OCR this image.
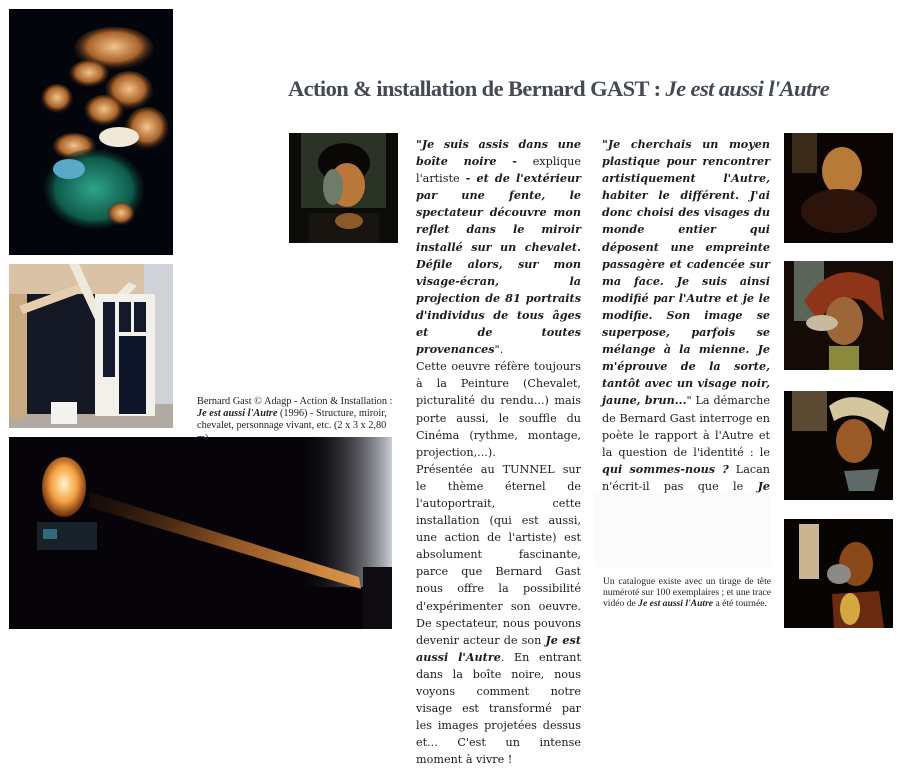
Action & installation de Bernard GAST : Je est aussi l'Autre
Bernard Gast © Adagp - Action & Installation : Je est aussi l'Autre (1996) - Structure, miroir, chevalet, personnage vivant, etc. (2 x 3 x 2,80

"Je suis assis dans une boîte noire - explique l'artiste - et de l'extérieur par une fente, le spectateur découvre mon reflet dans le miroir installé sur un chevalet. Défile alors, sur mon visage-écran, la projection de 81 portraits d'individus de tous âges et de toutes provenances".

Cette oeuvre réfère toujours à la Peinture (Chevalet, picturalité du rendu...) mais porte aussi, le souffle du Cinéma (rythme, montage, projection,...).

Présentée au TUNNEL sur le thème éternel de l'autoportrait, cette installation (qui est aussi, une action de l'artiste) est absolument fascinante, parce que Bernard Gast nous offre la possibilité d'expérimenter son oeuvre. De spectateur, nous pouvons devenir acteur de son Je est aussi l'Autre. En entrant dans la boîte noire, nous voyons comment notre visage est transformé par les images projetées dessus et... C'est un intense moment à vivre !

"Je cherchais un moyen plastique pour rencontrer artistiquement l'Autre, habiter le différent. J'ai donc choisi des visages du monde entier qui déposent une empreinte passagère et cadencée sur ma face. Je suis ainsi modifié par l'Autre et je le modifie. Son image se superpose, parfois se mélange à la mienne. Je m'éprouve de la sorte, tantôt avec un visage noir, jaune, brun..." La démarche de Bernard Gast interroge en poète le rapport à l'Autre et la question de l'identité : le qui sommes-nous ? Lacan n'écrit-il pas que le Je

Un catalogue existe avec un tirage de tête numéroté sur 100 exemplaires ; et une trace vidéo de Je est aussi l'Autre a été tournée.
